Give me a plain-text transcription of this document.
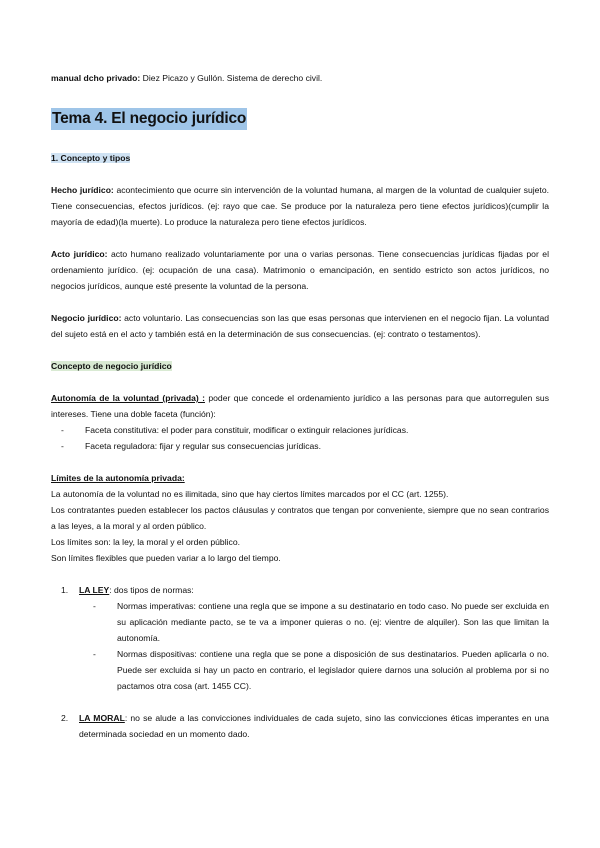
manual dcho privado: Diez Picazo y Gullón. Sistema de derecho civil.
Tema 4. El negocio jurídico
1. Concepto y tipos

Hecho jurídico: acontecimiento que ocurre sin intervención de la voluntad humana, al margen de la voluntad de cualquier sujeto. Tiene consecuencias, efectos jurídicos. (ej: rayo que cae. Se produce por la naturaleza pero tiene efectos jurídicos)(cumplir la mayoría de edad)(la muerte). Lo produce la naturaleza pero tiene efectos jurídicos.

Acto jurídico: acto humano realizado voluntariamente por una o varias personas. Tiene consecuencias jurídicas fijadas por el ordenamiento jurídico. (ej: ocupación de una casa). Matrimonio o emancipación, en sentido estricto son actos jurídicos, no negocios jurídicos, aunque esté presente la voluntad de la persona.

Negocio jurídico: acto voluntario. Las consecuencias son las que esas personas que intervienen en el negocio fijan. La voluntad del sujeto está en el acto y también está en la determinación de sus consecuencias. (ej: contrato o testamentos).

Concepto de negocio jurídico

Autonomía de la voluntad (privada) : poder que concede el ordenamiento jurídico a las personas para que autorregulen sus intereses. Tiene una doble faceta (función):

- Faceta constitutiva: el poder para constituir, modificar o extinguir relaciones jurídicas.
- Faceta reguladora: fijar y regular sus consecuencias jurídicas.
Límites de la autonomía privada:
La autonomía de la voluntad no es ilimitada, sino que hay ciertos límites marcados por el CC (art. 1255).
Los contratantes pueden establecer los pactos cláusulas y contratos que tengan por conveniente, siempre que no sean contrarios a las leyes, a la moral y al orden público.
Los límites son: la ley, la moral y el orden público.
Son límites flexibles que pueden variar a lo largo del tiempo.
1. LA LEY: dos tipos de normas:
- Normas imperativas: contiene una regla que se impone a su destinatario en todo caso. No puede ser excluida en su aplicación mediante pacto, se te va a imponer quieras o no. (ej: vientre de alquiler). Son las que limitan la autonomía.
- Normas dispositivas: contiene una regla que se pone a disposición de sus destinatarios. Pueden aplicarla o no. Puede ser excluida si hay un pacto en contrario, el legislador quiere darnos una solución al problema por si no pactamos otra cosa (art. 1455 CC).
2. LA MORAL: no se alude a las convicciones individuales de cada sujeto, sino las convicciones éticas imperantes en una determinada sociedad en un momento dado.
